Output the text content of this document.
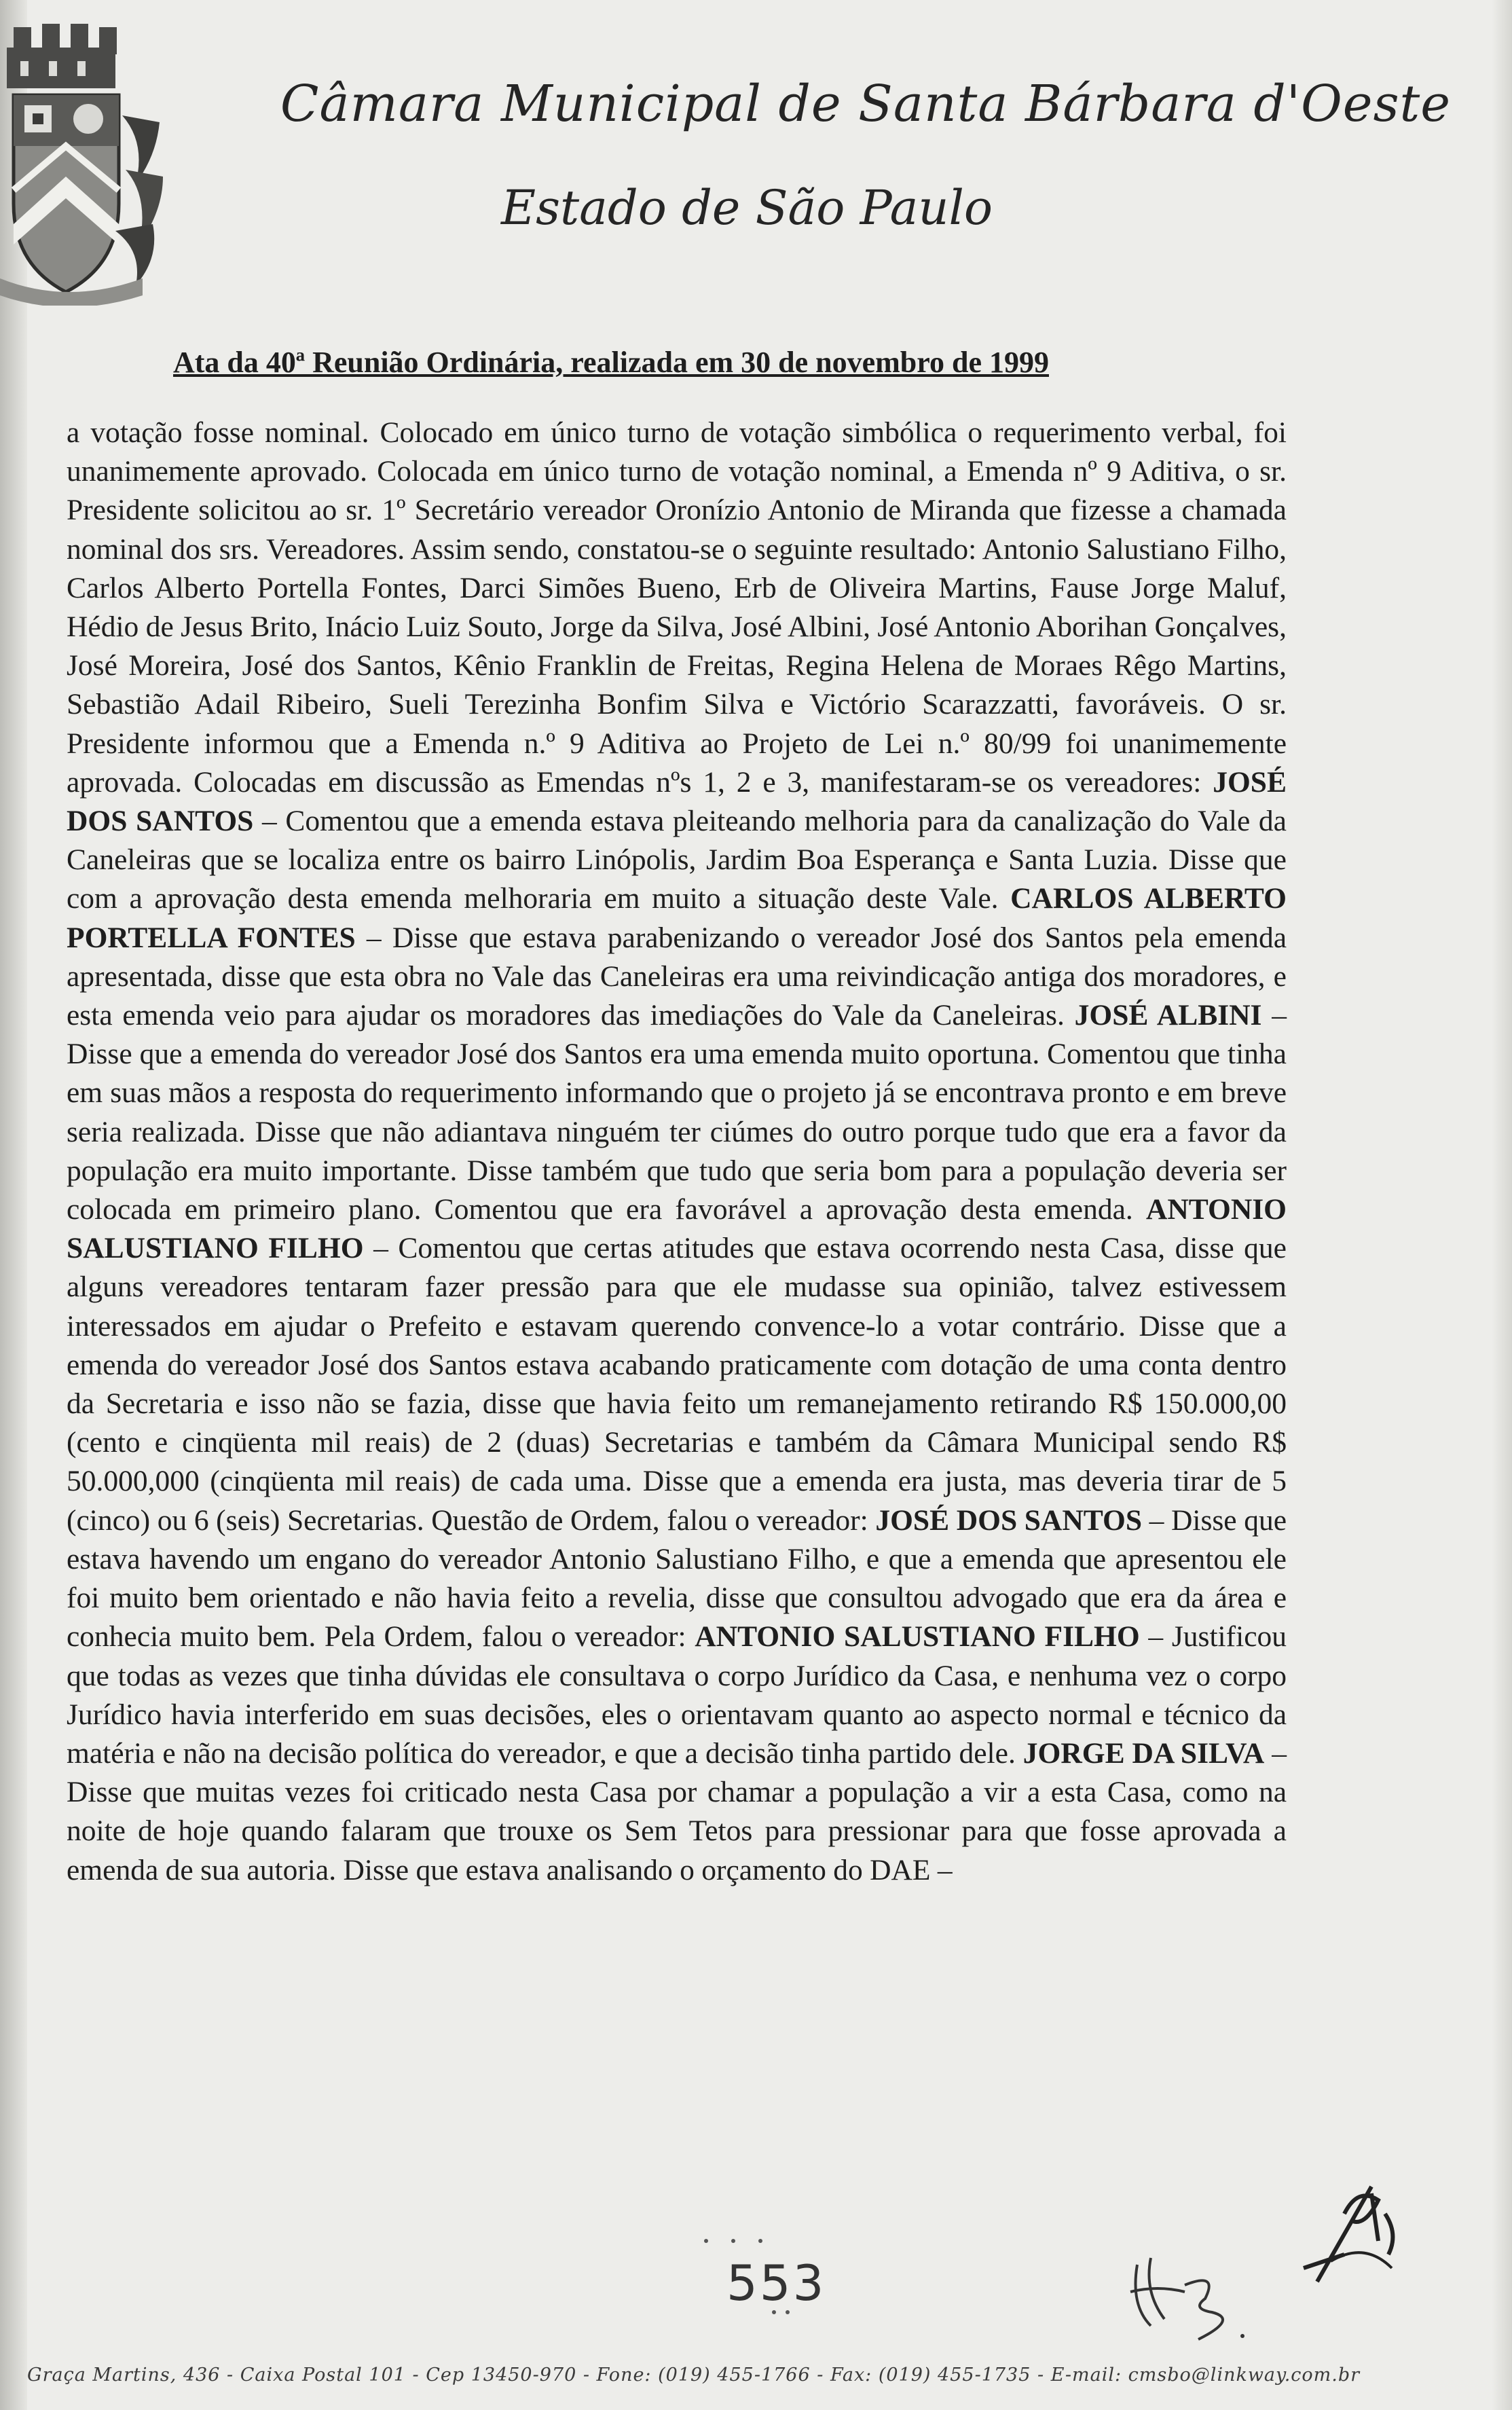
Câmara Municipal de Santa Bárbara d'Oeste
Estado de São Paulo
Ata da 40ª Reunião Ordinária, realizada em 30 de novembro de 1999
a votação fosse nominal. Colocado em único turno de votação simbólica o requerimento verbal, foi unanimemente aprovado. Colocada em único turno de votação nominal, a Emenda nº 9 Aditiva, o sr. Presidente solicitou ao sr. 1º Secretário vereador Oronízio Antonio de Miranda que fizesse a chamada nominal dos srs. Vereadores. Assim sendo, constatou-se o seguinte resultado: Antonio Salustiano Filho, Carlos Alberto Portella Fontes, Darci Simões Bueno, Erb de Oliveira Martins, Fause Jorge Maluf, Hédio de Jesus Brito, Inácio Luiz Souto, Jorge da Silva, José Albini, José Antonio Aborihan Gonçalves, José Moreira, José dos Santos, Kênio Franklin de Freitas, Regina Helena de Moraes Rêgo Martins, Sebastião Adail Ribeiro, Sueli Terezinha Bonfim Silva e Victório Scarazzatti, favoráveis. O sr. Presidente informou que a Emenda n.º 9 Aditiva ao Projeto de Lei n.º 80/99 foi unanimemente aprovada. Colocadas em discussão as Emendas nºs 1, 2 e 3, manifestaram-se os vereadores: JOSÉ DOS SANTOS – Comentou que a emenda estava pleiteando melhoria para da canalização do Vale da Caneleiras que se localiza entre os bairro Linópolis, Jardim Boa Esperança e Santa Luzia. Disse que com a aprovação desta emenda melhoraria em muito a situação deste Vale. CARLOS ALBERTO PORTELLA FONTES – Disse que estava parabenizando o vereador José dos Santos pela emenda apresentada, disse que esta obra no Vale das Caneleiras era uma reivindicação antiga dos moradores, e esta emenda veio para ajudar os moradores das imediações do Vale da Caneleiras. JOSÉ ALBINI – Disse que a emenda do vereador José dos Santos era uma emenda muito oportuna. Comentou que tinha em suas mãos a resposta do requerimento informando que o projeto já se encontrava pronto e em breve seria realizada. Disse que não adiantava ninguém ter ciúmes do outro porque tudo que era a favor da população era muito importante. Disse também que tudo que seria bom para a população deveria ser colocada em primeiro plano. Comentou que era favorável a aprovação desta emenda. ANTONIO SALUSTIANO FILHO – Comentou que certas atitudes que estava ocorrendo nesta Casa, disse que alguns vereadores tentaram fazer pressão para que ele mudasse sua opinião, talvez estivessem interessados em ajudar o Prefeito e estavam querendo convence-lo a votar contrário. Disse que a emenda do vereador José dos Santos estava acabando praticamente com dotação de uma conta dentro da Secretaria e isso não se fazia, disse que havia feito um remanejamento retirando R$ 150.000,00 (cento e cinqüenta mil reais) de 2 (duas) Secretarias e também da Câmara Municipal sendo R$ 50.000,000 (cinqüenta mil reais) de cada uma. Disse que a emenda era justa, mas deveria tirar de 5 (cinco) ou 6 (seis) Secretarias. Questão de Ordem, falou o vereador: JOSÉ DOS SANTOS – Disse que estava havendo um engano do vereador Antonio Salustiano Filho, e que a emenda que apresentou ele foi muito bem orientado e não havia feito a revelia, disse que consultou advogado que era da área e conhecia muito bem. Pela Ordem, falou o vereador: ANTONIO SALUSTIANO FILHO – Justificou que todas as vezes que tinha dúvidas ele consultava o corpo Jurídico da Casa, e nenhuma vez o corpo Jurídico havia interferido em suas decisões, eles o orientavam quanto ao aspecto normal e técnico da matéria e não na decisão política do vereador, e que a decisão tinha partido dele. JORGE DA SILVA – Disse que muitas vezes foi criticado nesta Casa por chamar a população a vir a esta Casa, como na noite de hoje quando falaram que trouxe os Sem Tetos para pressionar para que fosse aprovada a emenda de sua autoria. Disse que estava analisando o orçamento do DAE –
553
Graça Martins, 436 - Caixa Postal 101 - Cep 13450-970 - Fone: (019) 455-1766 - Fax: (019) 455-1735 - E-mail: cmsbo@linkway.com.br
